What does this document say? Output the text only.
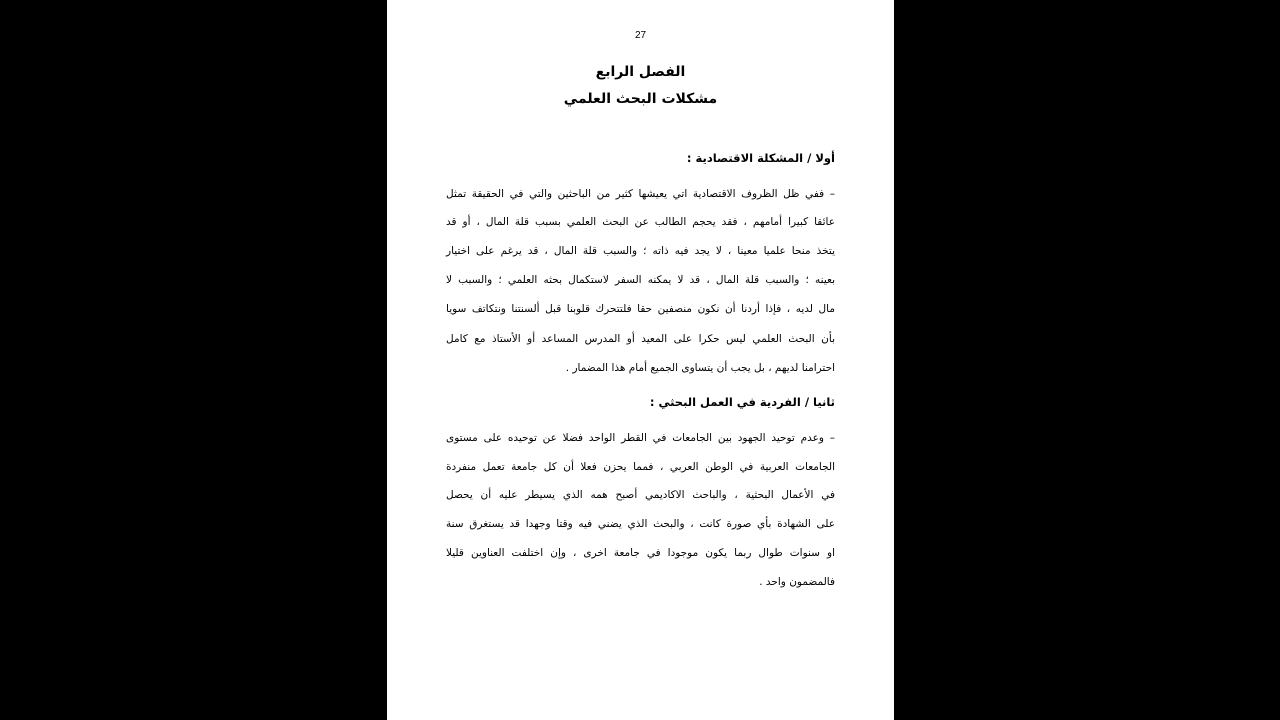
27
الفصل الرابع
مشكلات البحث العلمي
أولا / المشكلة الاقتصادية :
– ففي ظل الظروف الاقتصادية اتي يعيشها كثير من الباحثين والتي في الحقيقة تمثل
عائقا كبيرا أمامهم ، فقد يحجم الطالب عن البحث العلمي بسبب قلة المال ، أو قد
يتخذ منحا علميا معينا ، لا يجد فيه ذاته ؛ والسبب قلة المال ، قد يرغم على اختيار
بعينه ؛ والسبب قلة المال ، قد لا يمكنه السفر لاستكمال بحثه العلمي ؛ والسبب لا
مال لديه ، فإذا أردنا أن نكون منصفين حقا فلتتحرك قلوبنا قبل ألسنتنا ونتكاتف سويا
بأن البحث العلمي ليس حكرا على المعيد أو المدرس المساعد أو الأستاذ مع كامل
احترامنا لديهم ، بل يجب أن يتساوى الجميع أمام هذا المضمار .
ثانيا / الفردية في العمل البحثي :
– وعدم توحيد الجهود بين الجامعات في القطر الواحد فضلا عن توحيده على مستوى
الجامعات العربية في الوطن العربي ، فمما يحزن فعلا أن كل جامعة تعمل منفردة
في الأعمال البحثية ، والباحث الاكاديمي أصبح همه الذي يسيطر عليه أن يحصل
على الشهادة بأي صورة كانت ، والبحث الذي يضني فيه وقتا وجهدا قد يستغرق سنة
او سنوات طوال ربما يكون موجودا في جامعة اخرى ، وإن اختلفت العناوين قليلا
فالمضمون واحد .
